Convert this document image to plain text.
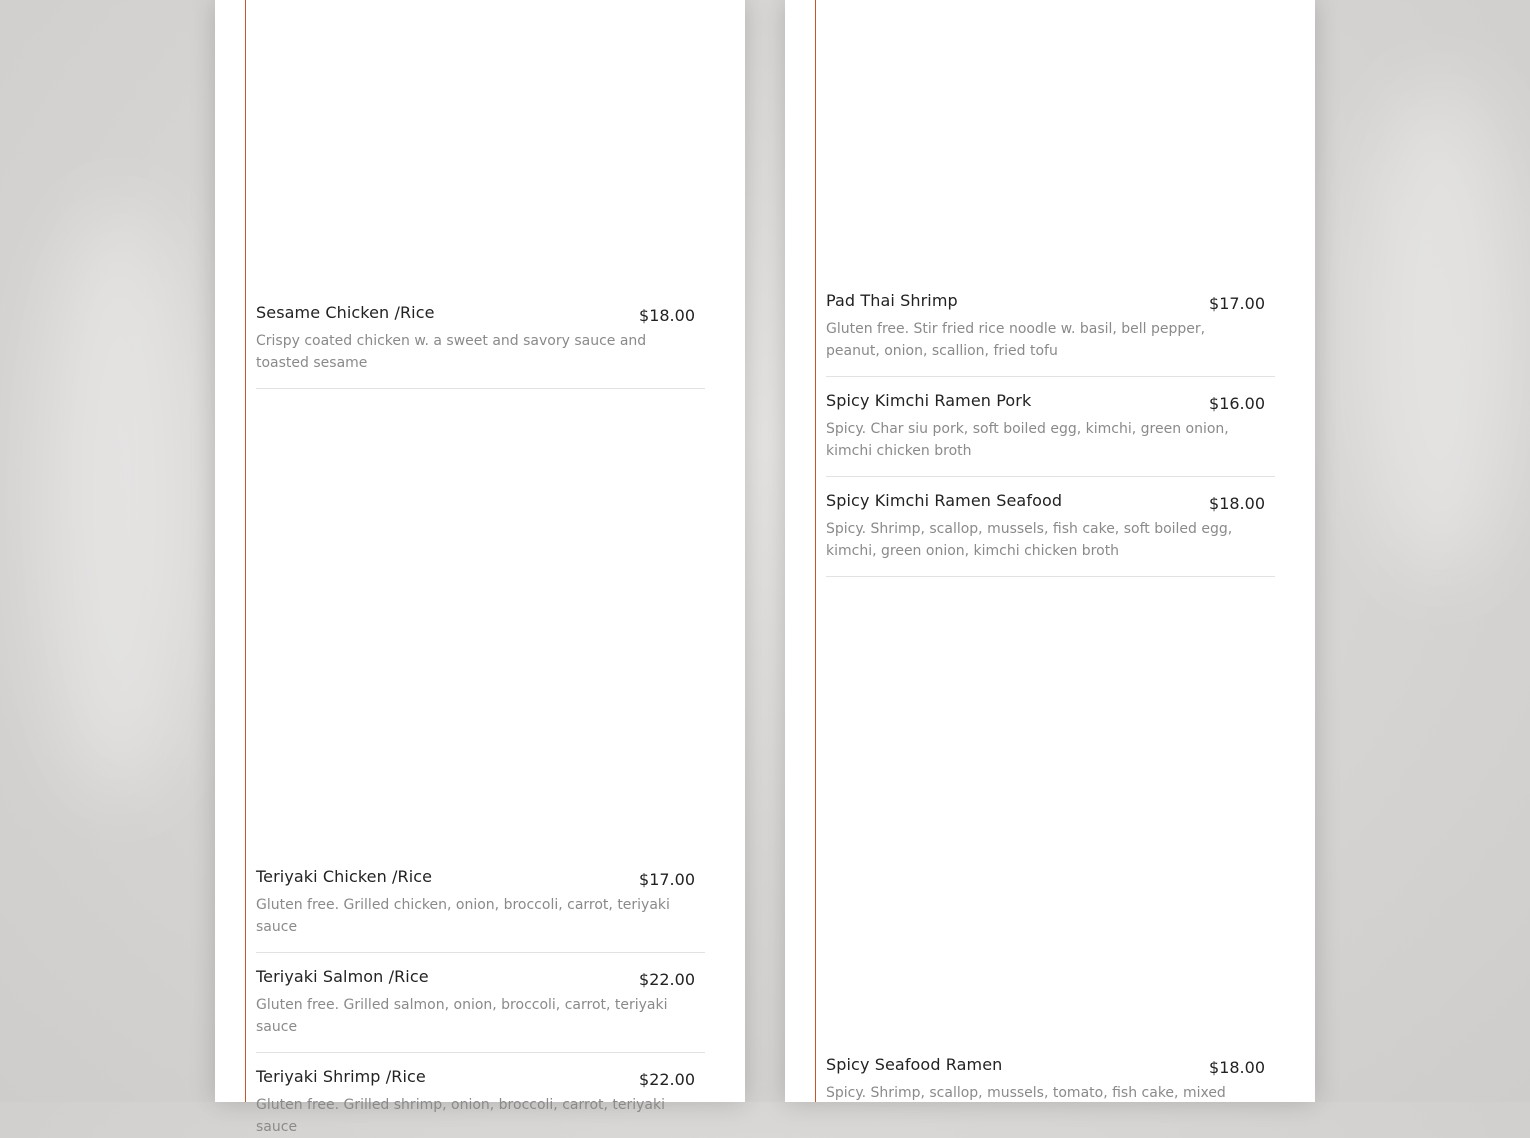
Sesame Chicken /Rice	$18.00
Crispy coated chicken w. a sweet and savory sauce and toasted sesame
Teriyaki Chicken /Rice	$17.00
Gluten free. Grilled chicken, onion, broccoli, carrot, teriyaki sauce
Teriyaki Salmon /Rice	$22.00
Gluten free. Grilled salmon, onion, broccoli, carrot, teriyaki sauce
Teriyaki Shrimp /Rice	$22.00
Gluten free. Grilled shrimp, onion, broccoli, carrot, teriyaki sauce
Pad Thai Shrimp	$17.00
Gluten free. Stir fried rice noodle w. basil, bell pepper, peanut, onion, scallion, fried tofu
Spicy Kimchi Ramen Pork	$16.00
Spicy. Char siu pork, soft boiled egg, kimchi, green onion, kimchi chicken broth
Spicy Kimchi Ramen Seafood	$18.00
Spicy. Shrimp, scallop, mussels, fish cake, soft boiled egg, kimchi, green onion, kimchi chicken broth
Spicy Seafood Ramen	$18.00
Spicy. Shrimp, scallop, mussels, tomato, fish cake, mixed
